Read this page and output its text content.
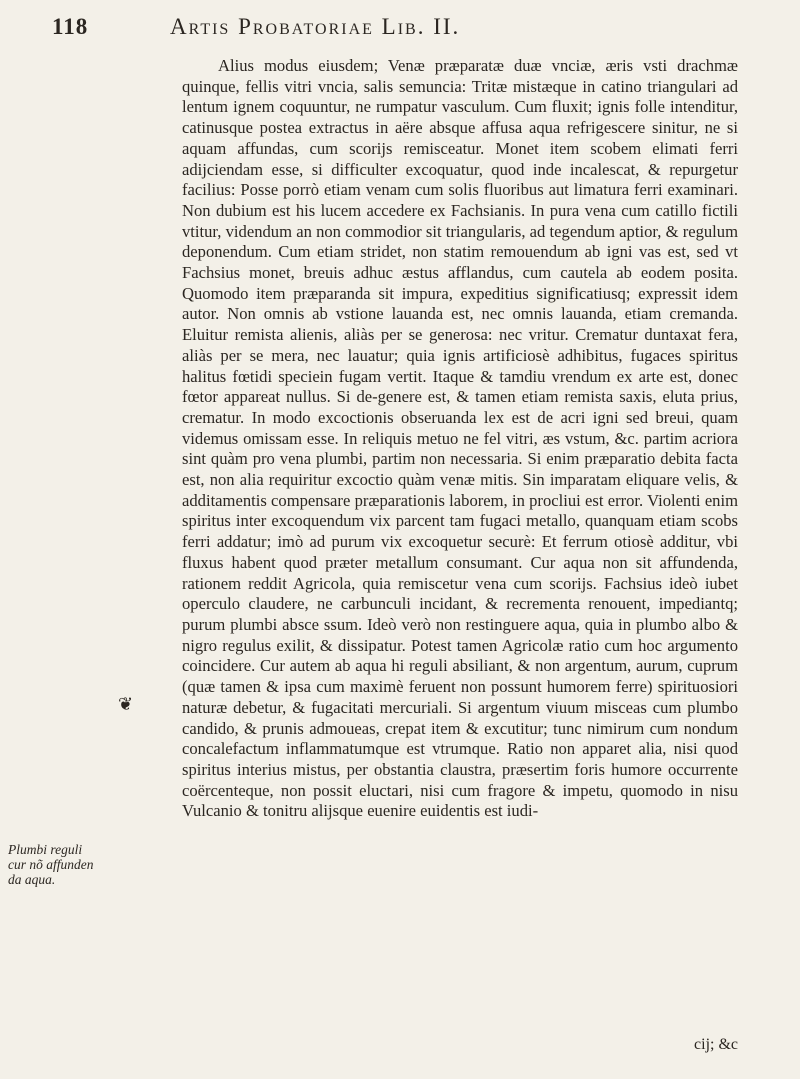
118	Artis Probatoriae Lib. II.

Alius modus eiusdem; Venæ præparatæ duæ vnciæ, æris vsti drachmæ quinque, fellis vitri vncia, salis semuncia: Tritæ mistæque in catino triangulari ad lentum ignem coquuntur, ne rumpatur vasculum. Cum fluxit; ignis folle intenditur, catinusque postea extractus in aëre absque affusa aqua refrigescere sinitur, ne si aquam affundas, cum scorijs remisceatur. Monet item scobem elimati ferri adijciendam esse, si difficulter excoquatur, quod inde incalescat, & repurgetur facilius: Posse porrò etiam venam cum solis fluoribus aut limatura ferri examinari. Non dubium est his lucem accedere ex Fachsianis. In pura vena cum catillo fictili vtitur, videndum an non commodior sit triangularis, ad tegendum aptior, & regulum deponendum. Cum etiam stridet, non statim remouendum ab igni vas est, sed vt Fachsius monet, breuis adhuc æstus afflandus, cum cautela ab eodem posita. Quomodo item præparanda sit impura, expeditius significatiusq; expressit idem autor. Non omnis ab vstione lauanda est, nec omnis lauanda, etiam cremanda. Eluitur remista alienis, aliàs per se generosa: nec vritur. Crematur duntaxat fera, aliàs per se mera, nec lauatur; quia ignis artificiosè adhibitus, fugaces spiritus halitus fœtidi speciein fugam vertit. Itaque & tamdiu vrendum ex arte est, donec fœtor appareat nullus. Si de-genere est, & tamen etiam remista saxis, eluta prius, crematur. In modo excoctionis obseruanda lex est de acri igni sed breui, quam videmus omissam esse. In reliquis metuo ne fel vitri, æs vstum, &c. partim acriora sint quàm pro vena plumbi, partim non necessaria. Si enim præparatio debita facta est, non alia requiritur excoctio quàm venæ mitis. Sin imparatam eliquare velis, & additamentis compensare præparationis laborem, in procliui est error. Violenti enim spiritus inter excoquendum vix parcent tam fugaci metallo, quanquam etiam scobs ferri addatur; imò ad purum vix excoquetur securè: Et ferrum otiosè additur, vbi fluxus habent quod præter metallum consumant. Cur aqua non sit affundenda, rationem reddit Agricola, quia remiscetur vena cum scorijs. Fachsius ideò iubet operculo claudere, ne carbunculi incidant, & recrementa renouent, impediantq; purum plumbi absce ssum. Ideò verò non restinguere aqua, quia in plumbo albo & nigro regulus exilit, & dissipatur. Potest tamen Agricolæ ratio cum hoc argumento coincidere. Cur autem ab aqua hi reguli absiliant, & non argentum, aurum, cuprum (quæ tamen & ipsa cum maximè feruent non possunt humorem ferre) spirituosiori naturæ debetur, & fugacitati mercuriali. Si argentum viuum misceas cum plumbo candido, & prunis admoueas, crepat item & excutitur; tunc nimirum cum nondum concalefactum inflammatumque est vtrumque. Ratio non apparet alia, nisi quod spiritus interius mistus, per obstantia claustra, præsertim foris humore occurrente coërcenteque, non possit eluctari, nisi cum fragore & impetu, quomodo in nisu Vulcanio & tonitru alijsque euenire euidentis est iudi-

❦
Plumbi reguli cur nõ affunden da aqua.
cij; &c
